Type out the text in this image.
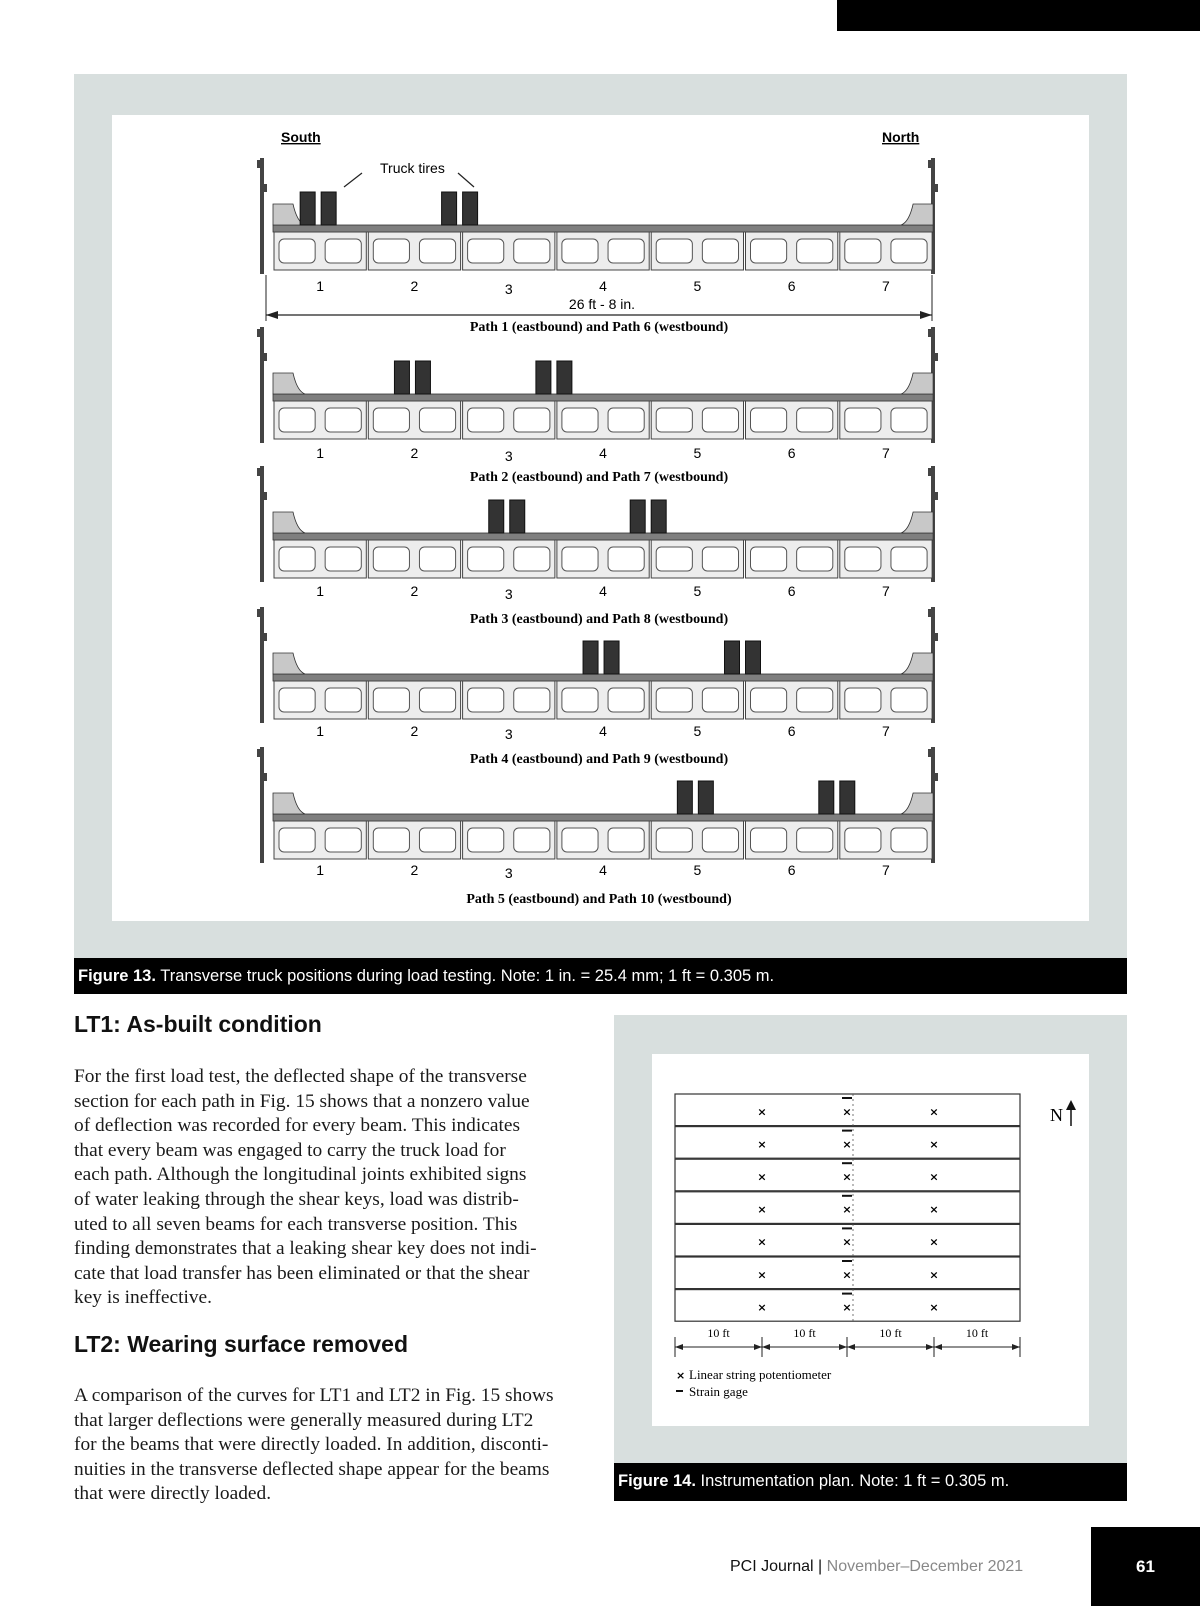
South	North
Truck tires
1	2	3	4	5	6	7
Path 1 (eastbound) and Path 6 (westbound)
1	2	3	4	5	6	7
Path 2 (eastbound) and Path 7 (westbound)
1	2	3	4	5	6	7
Path 3 (eastbound) and Path 8 (westbound)
1	2	3	4	5	6	7
Path 4 (eastbound) and Path 9 (westbound)
1	2	3	4	5	6	7
Path 5 (eastbound) and Path 10 (westbound)
26 ft - 8 in.
Figure 13. Transverse truck positions during load testing. Note: 1 in. = 25.4 mm; 1 ft = 0.305 m.
LT1: As-built condition
For the first load test, the deflected shape of the transverse
section for each path in Fig. 15 shows that a nonzero value
of deflection was recorded for every beam. This indicates
that every beam was engaged to carry the truck load for
each path. Although the longitudinal joints exhibited signs
of water leaking through the shear keys, load was distrib-
uted to all seven beams for each transverse position. This
finding demonstrates that a leaking shear key does not indi-
cate that load transfer has been eliminated or that the shear
key is ineffective.
LT2: Wearing surface removed
A comparison of the curves for LT1 and LT2 in Fig. 15 shows
that larger deflections were generally measured during LT2
for the beams that were directly loaded. In addition, disconti-
nuities in the transverse deflected shape appear for the beams
that were directly loaded.
×	×	×
×	×	×
×	×	×
×	×	×
×	×	×
×	×	×
×	×	×
N
10 ft	10 ft	10 ft	10 ft
× Linear string potentiometer
Strain gage
Figure 14. Instrumentation plan. Note: 1 ft = 0.305 m.
PCI Journal | November–December 2021	61
